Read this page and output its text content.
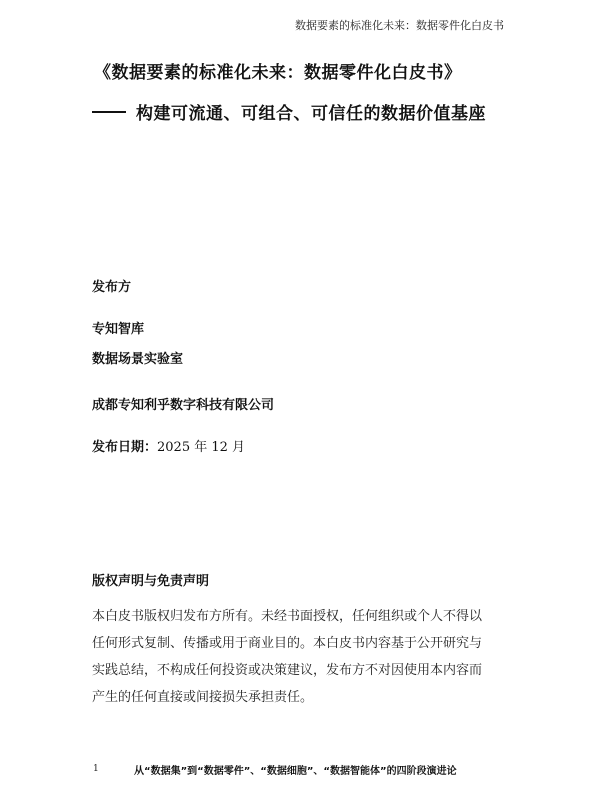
数据要素的标准化未来：数据零件化白皮书
《数据要素的标准化未来：数据零件化白皮书》
构建可流通、可组合、可信任的数据价值基座
发布方
专知智库
数据场景实验室
成都专知利乎数字科技有限公司
发布日期：2025 年 12 月
版权声明与免责声明
本白皮书版权归发布方所有。未经书面授权，任何组织或个人不得以
任何形式复制、传播或用于商业目的。本白皮书内容基于公开研究与
实践总结，不构成任何投资或决策建议，发布方不对因使用本内容而
产生的任何直接或间接损失承担责任。
1	从“数据集”到“数据零件”、“数据细胞”、“数据智能体”的四阶段演进论
